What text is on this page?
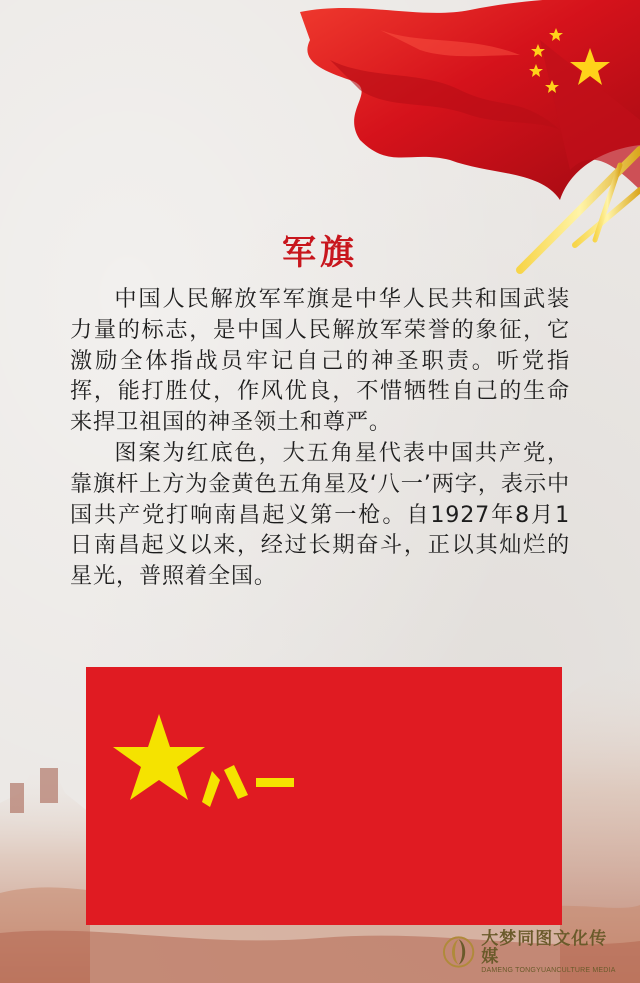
军旗

中国人民解放军军旗是中华人民共和国武装力量的标志，是中国人民解放军荣誉的象征，它激励全体指战员牢记自己的神圣职责。听党指挥，能打胜仗，作风优良，不惜牺牲自己的生命来捍卫祖国的神圣领土和尊严。

图案为红底色，大五角星代表中国共产党，靠旗杆上方为金黄色五角星及‘八一’两字，表示中国共产党打响南昌起义第一枪。自1927年8月1日南昌起义以来，经过长期奋斗，正以其灿烂的星光，普照着全国。

大梦同图文化传媒
DAMENG TONGYUANCULTURE MEDIA
